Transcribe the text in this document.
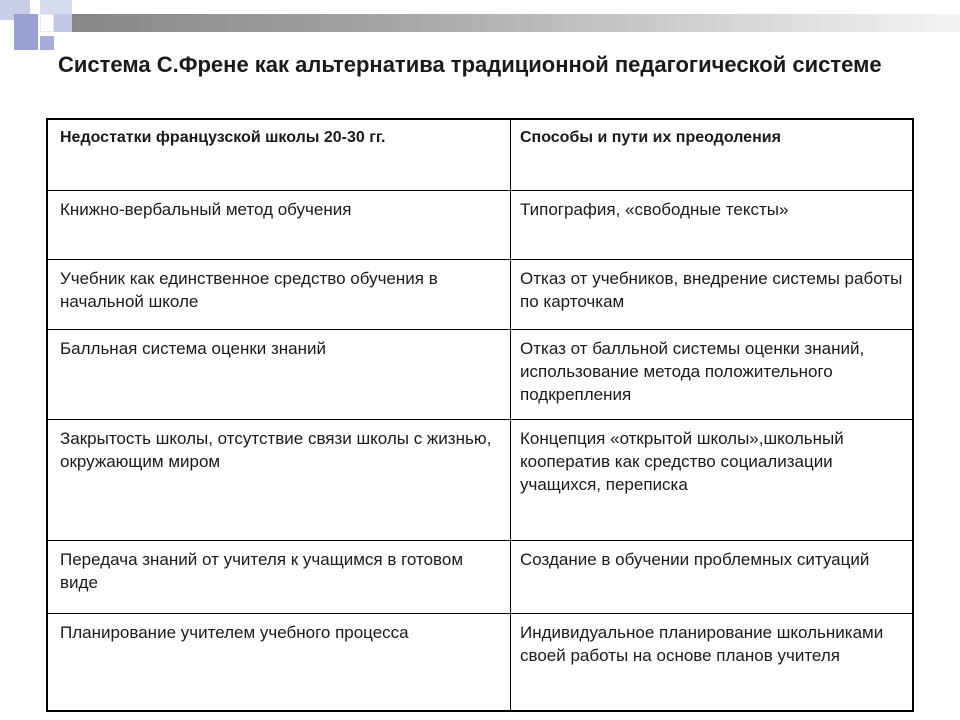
Система С.Френе как альтернатива традиционной педагогической системе
Недостатки французской школы 20-30 гг.	Способы и пути их преодоления
Книжно-вербальный метод обучения	Типография, «свободные тексты»
Учебник как единственное средство обучения в начальной школе	Отказ от учебников, внедрение системы работы по карточкам
Балльная система оценки знаний	Отказ от балльной системы оценки знаний, использование метода положительного подкрепления
Закрытость школы, отсутствие связи школы с жизнью, окружающим миром	Концепция «открытой школы»,школьный кооператив как средство социализации учащихся, переписка
Передача знаний от учителя к учащимся в готовом виде	Создание в обучении проблемных ситуаций
Планирование учителем учебного процесса	Индивидуальное планирование школьниками своей работы на основе планов учителя
